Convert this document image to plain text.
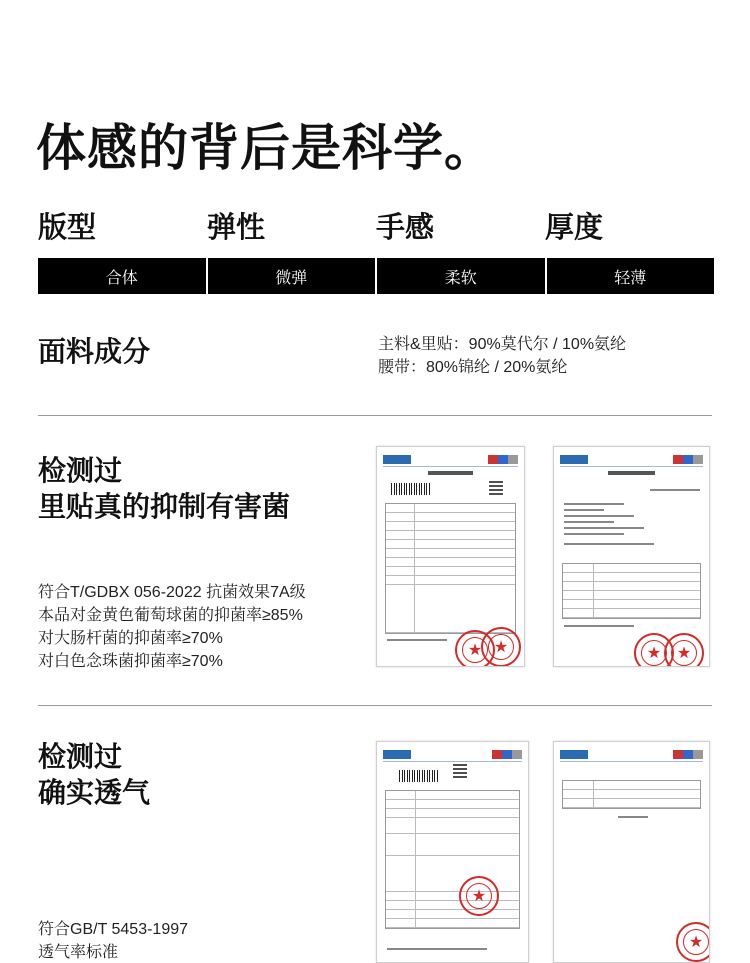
体感的背后是科学。
版型	弹性	手感	厚度
合体	微弹	柔软	轻薄
面料成分	主料&里贴：90%莫代尔 / 10%氨纶
腰带：80%锦纶 / 20%氨纶
检测过
里贴真的抑制有害菌
符合T/GDBX 056-2022 抗菌效果7A级
本品对金黄色葡萄球菌的抑菌率≥85%
对大肠杆菌的抑菌率≥70%
对白色念珠菌抑菌率≥70%
★
★
★
★
检测过
确实透气
符合GB/T 5453-1997
透气率标准
★
★
